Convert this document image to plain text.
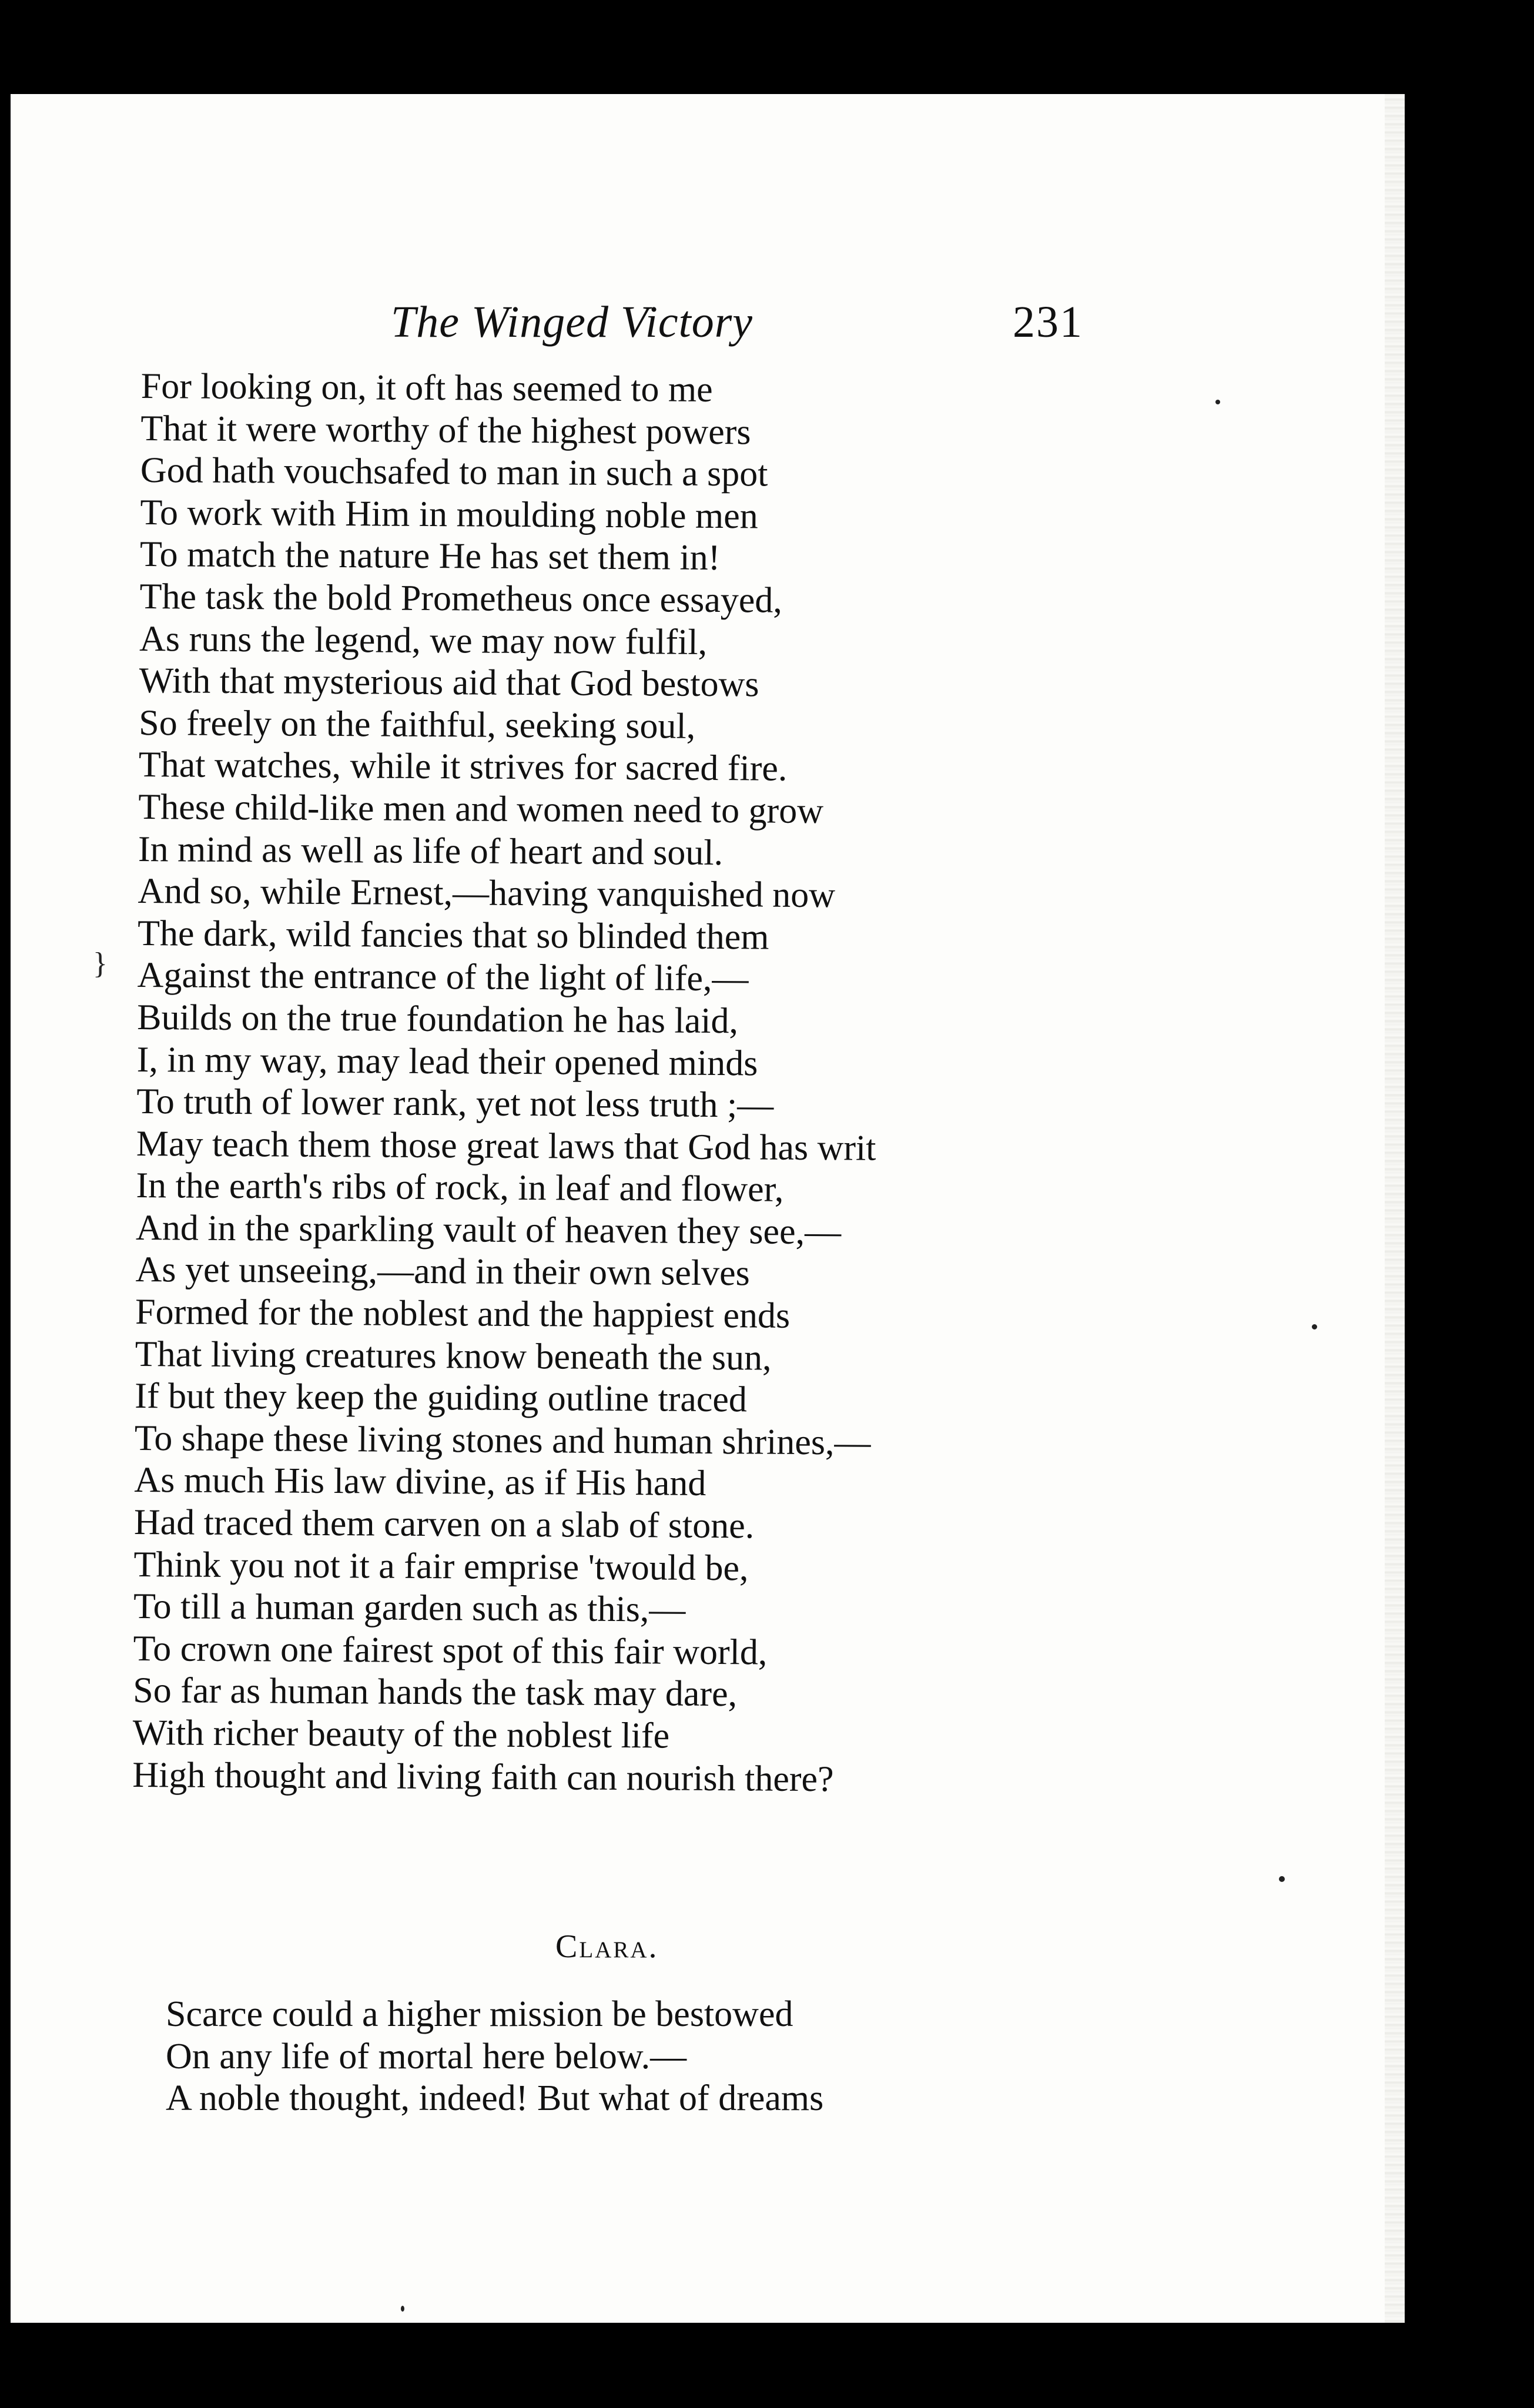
The Winged Victory	231
}
For looking on, it oft has seemed to me
That it were worthy of the highest powers
God hath vouchsafed to man in such a spot
To work with Him in moulding noble men
To match the nature He has set them in!
The task the bold Prometheus once essayed,
As runs the legend, we may now fulfil,
With that mysterious aid that God bestows
So freely on the faithful, seeking soul,
That watches, while it strives for sacred fire.
These child-like men and women need to grow
In mind as well as life of heart and soul.
And so, while Ernest,—having vanquished now
The dark, wild fancies that so blinded them
Against the entrance of the light of life,—
Builds on the true foundation he has laid,
I, in my way, may lead their opened minds
To truth of lower rank, yet not less truth ;—
May teach them those great laws that God has writ
In the earth's ribs of rock, in leaf and flower,
And in the sparkling vault of heaven they see,—
As yet unseeing,—and in their own selves
Formed for the noblest and the happiest ends
That living creatures know beneath the sun,
If but they keep the guiding outline traced
To shape these living stones and human shrines,—
As much His law divine, as if His hand
Had traced them carven on a slab of stone.
Think you not it a fair emprise 'twould be,
To till a human garden such as this,—
To crown one fairest spot of this fair world,
So far as human hands the task may dare,
With richer beauty of the noblest life
High thought and living faith can nourish there?
Clara.
Scarce could a higher mission be bestowed
On any life of mortal here below.—
A noble thought, indeed! But what of dreams
